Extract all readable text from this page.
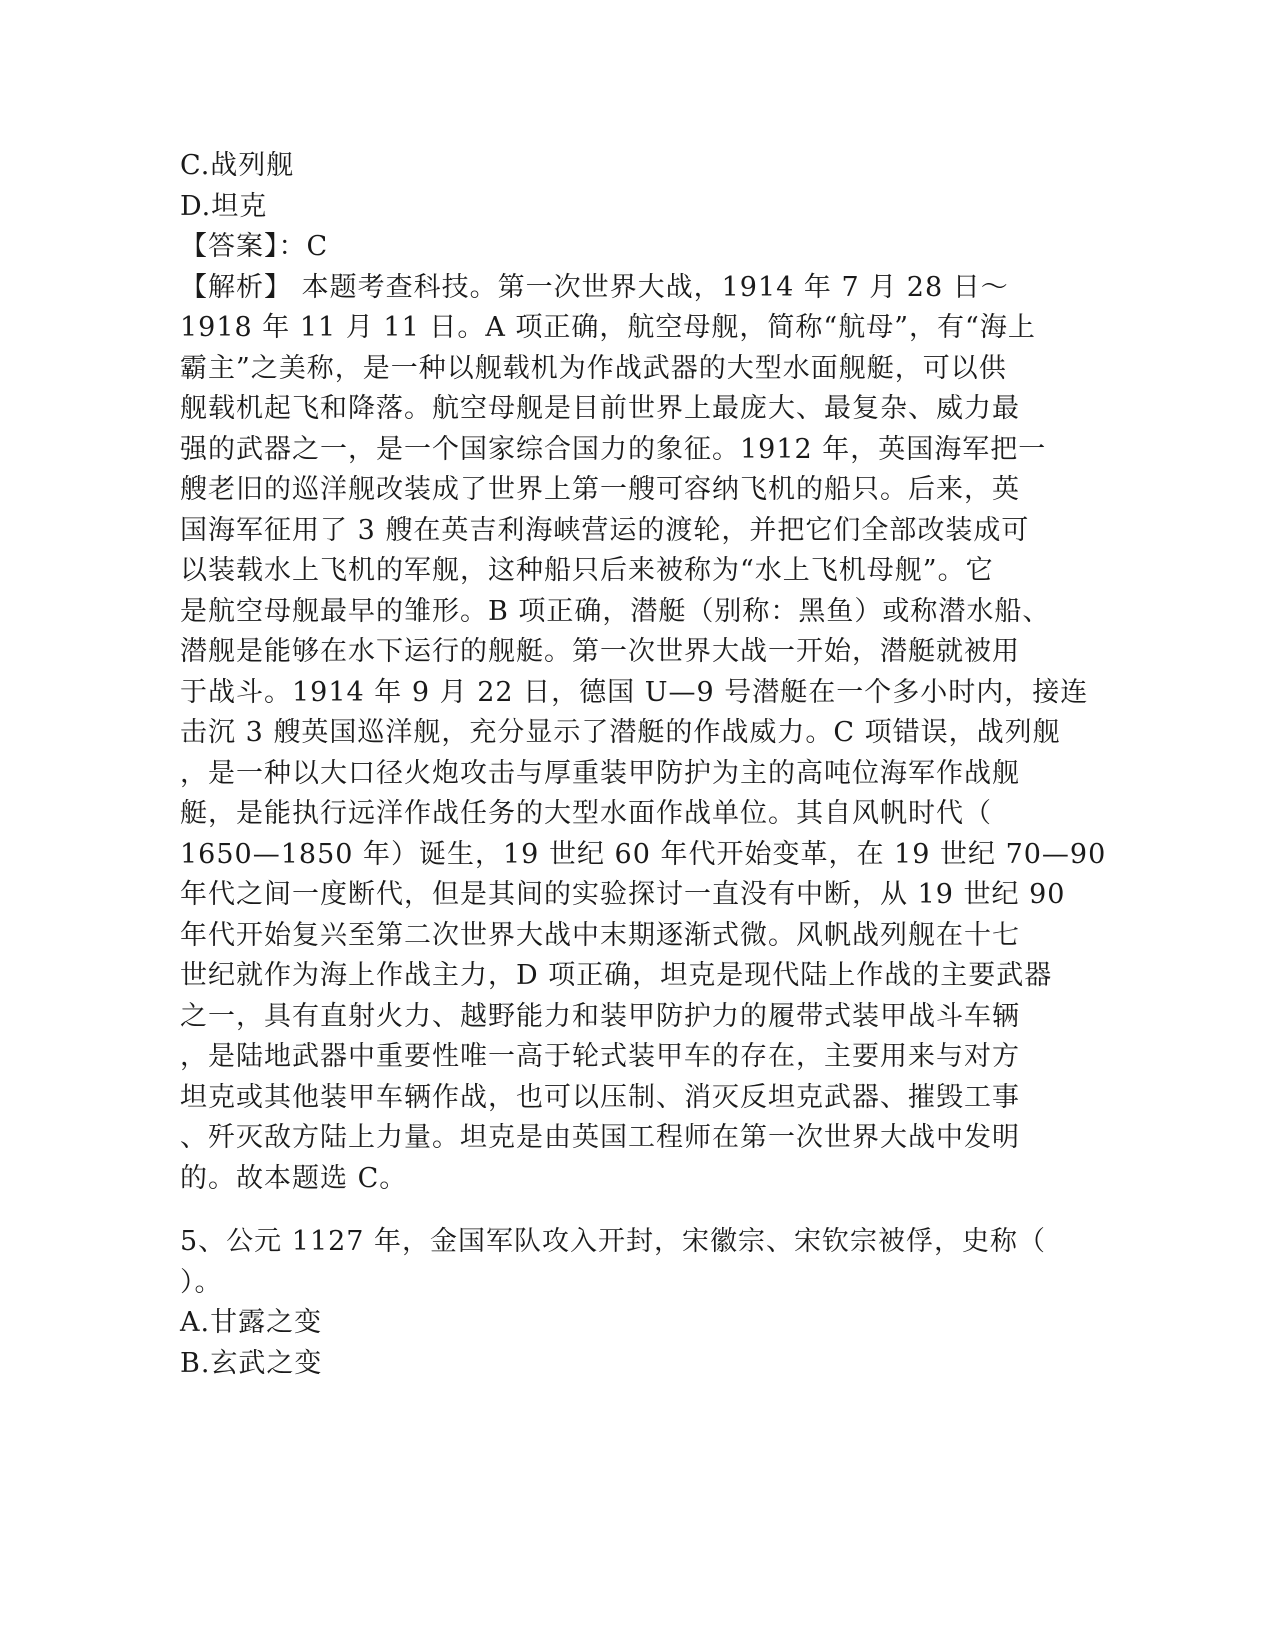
C.战列舰
D.坦克
【答案】：C
【解析】 本题考查科技。第一次世界大战，1914 年 7 月 28 日～
1918 年 11 月 11 日。A 项正确，航空母舰，简称“航母”，有“海上
霸主”之美称，是一种以舰载机为作战武器的大型水面舰艇，可以供
舰载机起飞和降落。航空母舰是目前世界上最庞大、最复杂、威力最
强的武器之一，是一个国家综合国力的象征。1912 年，英国海军把一
艘老旧的巡洋舰改装成了世界上第一艘可容纳飞机的船只。后来，英
国海军征用了 3 艘在英吉利海峡营运的渡轮，并把它们全部改装成可
以装载水上飞机的军舰，这种船只后来被称为“水上飞机母舰”。它
是航空母舰最早的雏形。B 项正确，潜艇（别称：黑鱼）或称潜水船、
潜舰是能够在水下运行的舰艇。第一次世界大战一开始，潜艇就被用
于战斗。1914 年 9 月 22 日，德国 U—9 号潜艇在一个多小时内，接连
击沉 3 艘英国巡洋舰，充分显示了潜艇的作战威力。C 项错误，战列舰
，是一种以大口径火炮攻击与厚重装甲防护为主的高吨位海军作战舰
艇，是能执行远洋作战任务的大型水面作战单位。其自风帆时代（
1650—1850 年）诞生，19 世纪 60 年代开始变革，在 19 世纪 70—90
年代之间一度断代，但是其间的实验探讨一直没有中断，从 19 世纪 90
年代开始复兴至第二次世界大战中末期逐渐式微。风帆战列舰在十七
世纪就作为海上作战主力，D 项正确，坦克是现代陆上作战的主要武器
之一，具有直射火力、越野能力和装甲防护力的履带式装甲战斗车辆
，是陆地武器中重要性唯一高于轮式装甲车的存在，主要用来与对方
坦克或其他装甲车辆作战，也可以压制、消灭反坦克武器、摧毁工事
、歼灭敌方陆上力量。坦克是由英国工程师在第一次世界大战中发明
的。故本题选 C。
5、公元 1127 年，金国军队攻入开封，宋徽宗、宋钦宗被俘，史称（
）。
A.甘露之变
B.玄武之变
